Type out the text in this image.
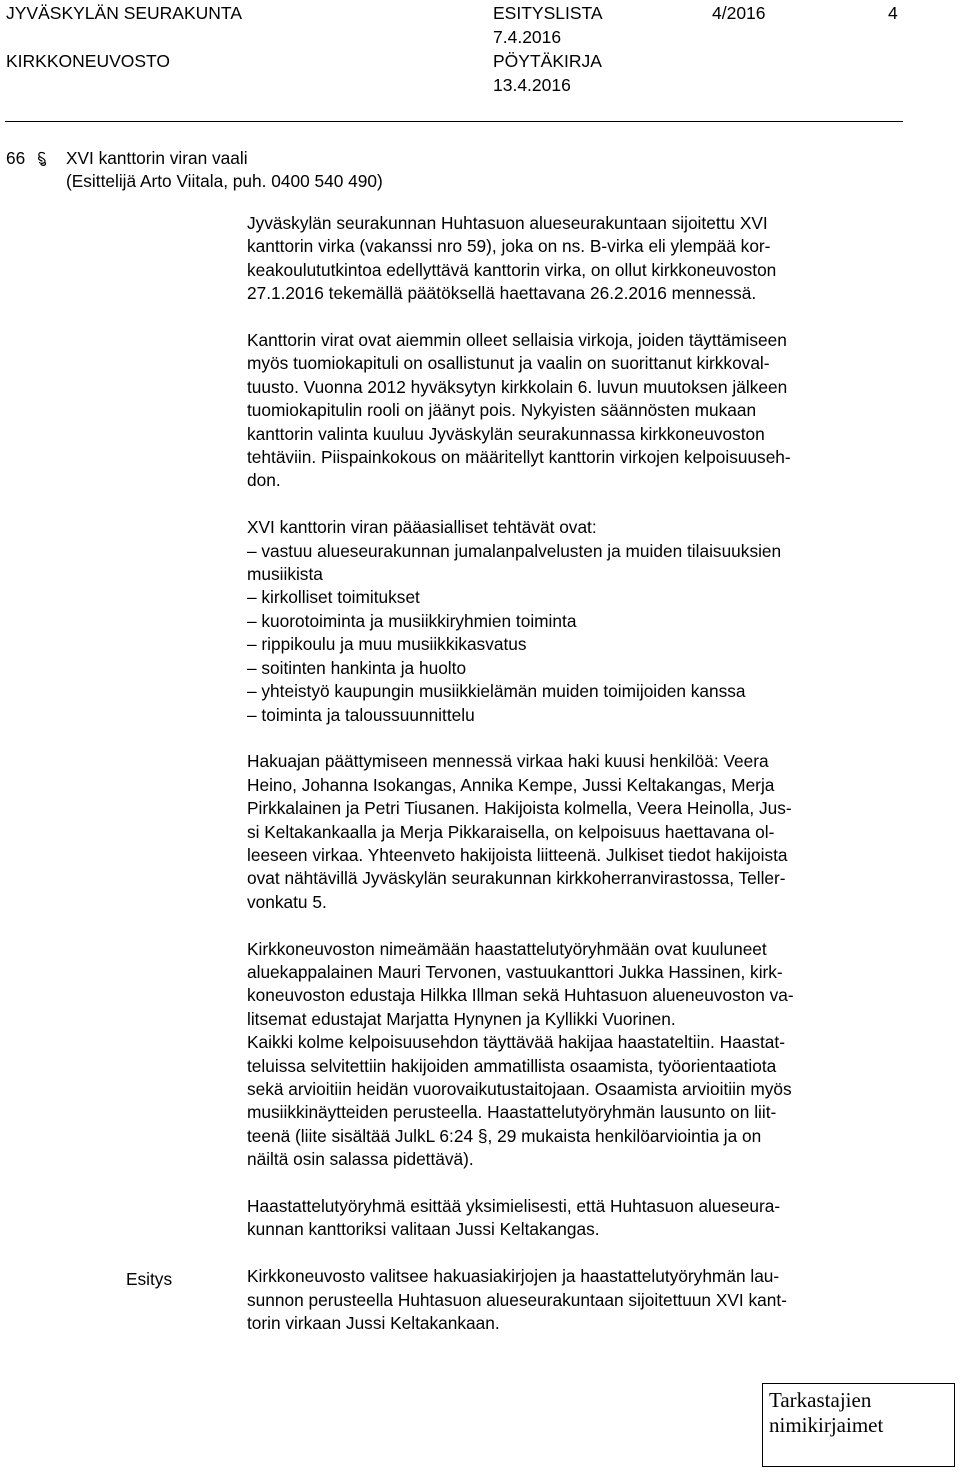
JYVÄSKYLÄN SEURAKUNTA
KIRKKONEUVOSTO
ESITYSLISTA
7.4.2016
PÖYTÄKIRJA
13.4.2016
4/2016	4
66 XVI kanttorin viran vaali
(Esittelijä Arto Viitala, puh. 0400 540 490)
Jyväskylän seurakunnan Huhtasuon alueseurakuntaan sijoitettu XVI
kanttorin virka (vakanssi nro 59), joka on ns. B-virka eli ylempää kor-
keakoulututkintoa edellyttävä kanttorin virka, on ollut kirkkoneuvoston
27.1.2016 tekemällä päätöksellä haettavana 26.2.2016 mennessä.
Kanttorin virat ovat aiemmin olleet sellaisia virkoja, joiden täyttämiseen
myös tuomiokapituli on osallistunut ja vaalin on suorittanut kirkkoval-
tuusto. Vuonna 2012 hyväksytyn kirkkolain 6. luvun muutoksen jälkeen
tuomiokapitulin rooli on jäänyt pois. Nykyisten säännösten mukaan
kanttorin valinta kuuluu Jyväskylän seurakunnassa kirkkoneuvoston
tehtäviin. Piispainkokous on määritellyt kanttorin virkojen kelpoisuuseh-
don.
XVI kanttorin viran pääasialliset tehtävät ovat:
– vastuu alueseurakunnan jumalanpalvelusten ja muiden tilaisuuksien
musiikista
– kirkolliset toimitukset
– kuorotoiminta ja musiikkiryhmien toiminta
– rippikoulu ja muu musiikkikasvatus
– soitinten hankinta ja huolto
– yhteistyö kaupungin musiikkielämän muiden toimijoiden kanssa
– toiminta ja taloussuunnittelu
Hakuajan päättymiseen mennessä virkaa haki kuusi henkilöä: Veera
Heino, Johanna Isokangas, Annika Kempe, Jussi Keltakangas, Merja
Pirkkalainen ja Petri Tiusanen. Hakijoista kolmella, Veera Heinolla, Jus-
si Keltakankaalla ja Merja Pikkaraisella, on kelpoisuus haettavana ol-
leeseen virkaa. Yhteenveto hakijoista liitteenä. Julkiset tiedot hakijoista
ovat nähtävillä Jyväskylän seurakunnan kirkkoherranvirastossa, Teller-
vonkatu 5.
Kirkkoneuvoston nimeämään haastattelutyöryhmään ovat kuuluneet
aluekappalainen Mauri Tervonen, vastuukanttori Jukka Hassinen, kirk-
koneuvoston edustaja Hilkka Illman sekä Huhtasuon alueneuvoston va-
litsemat edustajat Marjatta Hynynen ja Kyllikki Vuorinen.
Kaikki kolme kelpoisuusehdon täyttävää hakijaa haastateltiin. Haastat-
teluissa selvitettiin hakijoiden ammatillista osaamista, työorientaatiota
sekä arvioitiin heidän vuorovaikutustaitojaan. Osaamista arvioitiin myös
musiikkinäytteiden perusteella. Haastattelutyöryhmän lausunto on liit-
teenä (liite sisältää JulkL 6:24 §, 29 mukaista henkilöarviointia ja on
näiltä osin salassa pidettävä).
Haastattelutyöryhmä esittää yksimielisesti, että Huhtasuon alueseura-
kunnan kanttoriksi valitaan Jussi Keltakangas.
Kirkkoneuvosto valitsee hakuasiakirjojen ja haastattelutyöryhmän lau-
sunnon perusteella Huhtasuon alueseurakuntaan sijoitettuun XVI kant-
torin virkaan Jussi Keltakankaan.
Esitys
Tarkastajien
nimikirjaimet
